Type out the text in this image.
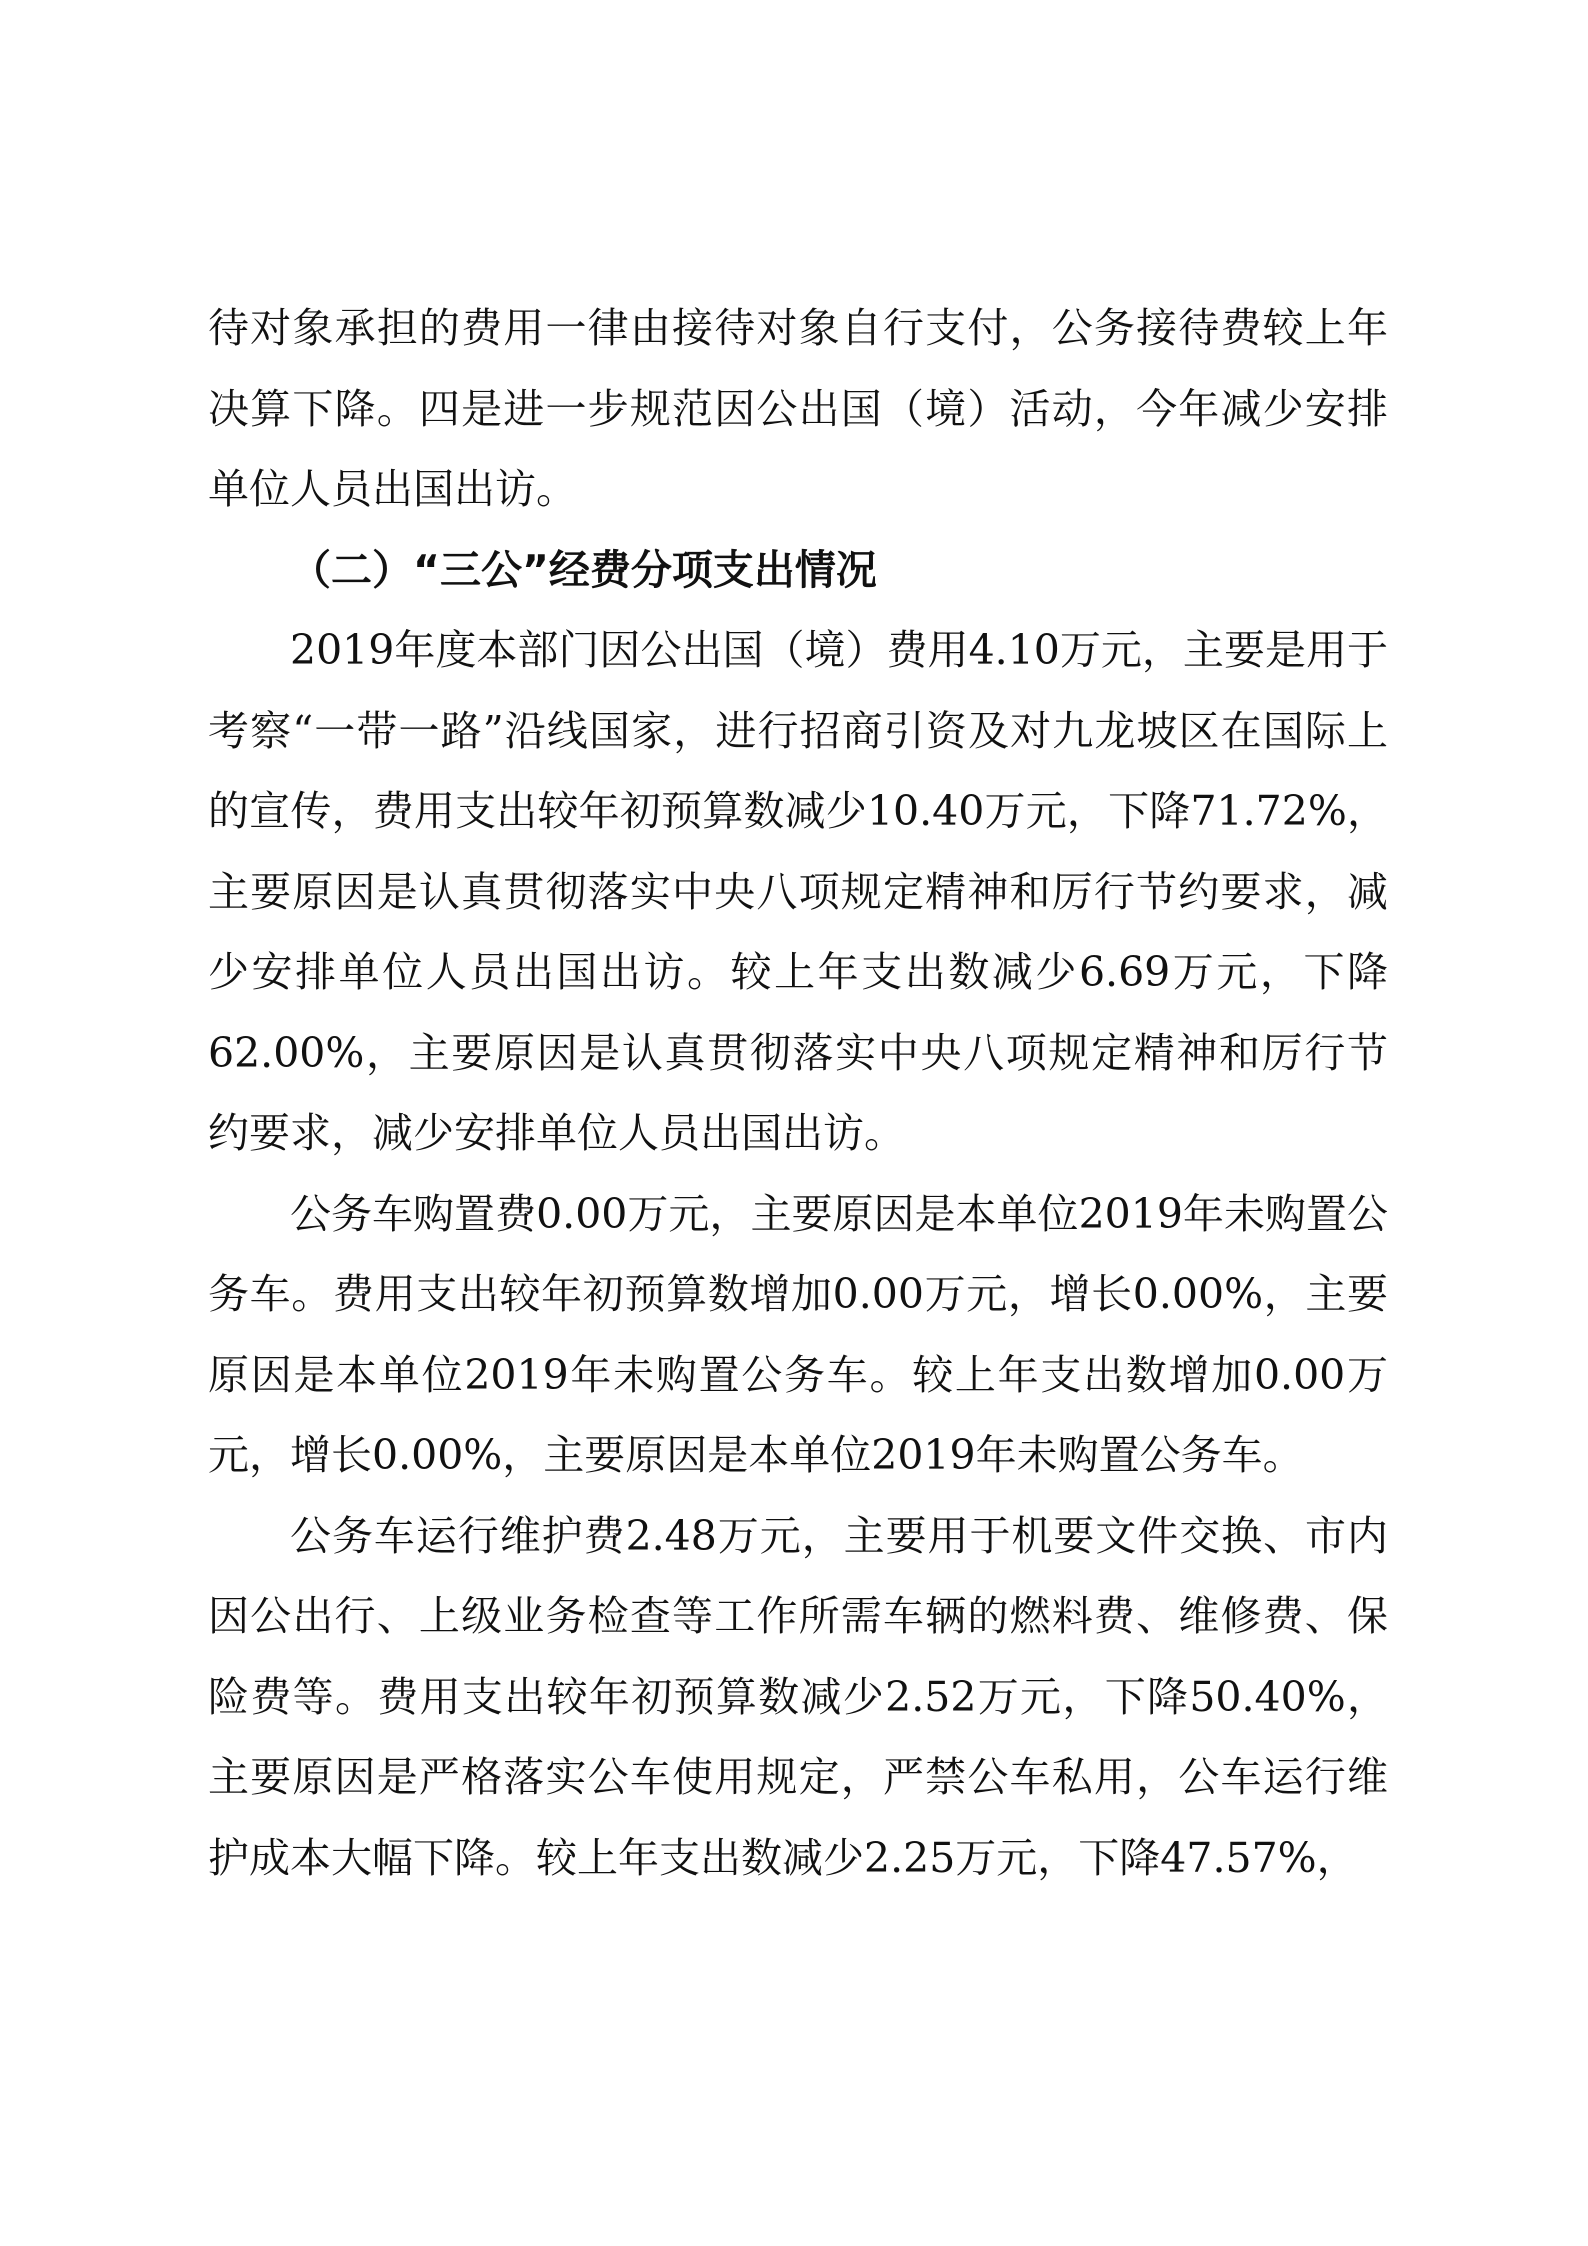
待对象承担的费用一律由接待对象自行支付，公务接待费较上年决算下降。四是进一步规范因公出国（境）活动，今年减少安排单位人员出国出访。

（二）“三公”经费分项支出情况

2019年度本部门因公出国（境）费用4.10万元，主要是用于考察“一带一路”沿线国家，进行招商引资及对九龙坡区在国际上的宣传，费用支出较年初预算数减少10.40万元，下降71.72%，主要原因是认真贯彻落实中央八项规定精神和厉行节约要求，减少安排单位人员出国出访。较上年支出数减少6.69万元，下降62.00%，主要原因是认真贯彻落实中央八项规定精神和厉行节约要求，减少安排单位人员出国出访。

公务车购置费0.00万元，主要原因是本单位2019年未购置公务车。费用支出较年初预算数增加0.00万元，增长0.00%，主要原因是本单位2019年未购置公务车。较上年支出数增加0.00万元，增长0.00%，主要原因是本单位2019年未购置公务车。

公务车运行维护费2.48万元，主要用于机要文件交换、市内因公出行、上级业务检查等工作所需车辆的燃料费、维修费、保险费等。费用支出较年初预算数减少2.52万元，下降50.40%，主要原因是严格落实公车使用规定，严禁公车私用，公车运行维护成本大幅下降。较上年支出数减少2.25万元，下降47.57%，
